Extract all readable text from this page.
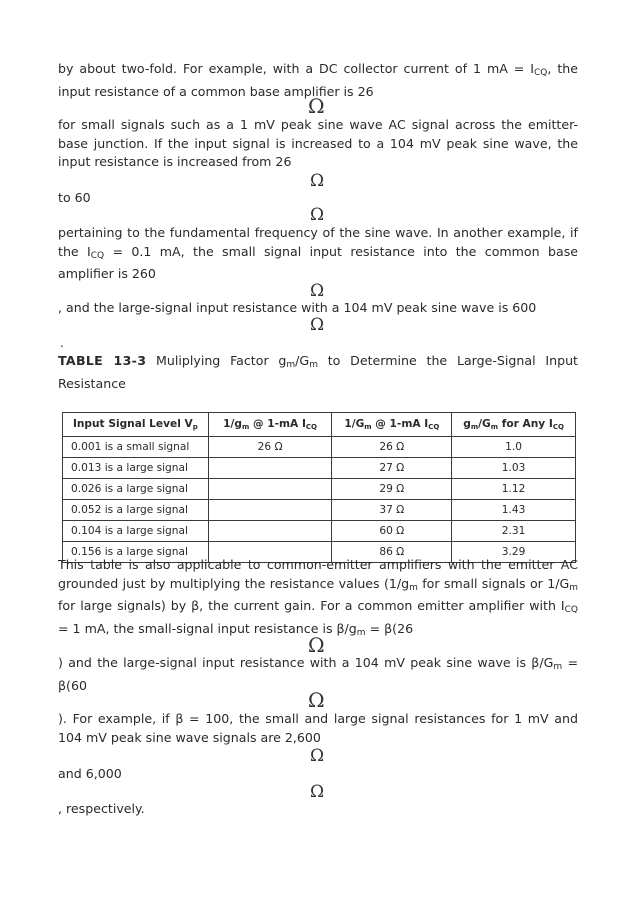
by about two-fold. For example, with a DC collector current of 1 mA = ICQ, the input resistance of a common base amplifier is 26

Ω

for small signals such as a 1 mV peak sine wave AC signal across the emitter-base junction. If the input signal is increased to a 104 mV peak sine wave, the input resistance is increased from 26

Ω

to 60

Ω

pertaining to the fundamental frequency of the sine wave. In another example, if the ICQ = 0.1 mA, the small signal input resistance into the common base amplifier is 260

Ω

, and the large-signal input resistance with a 104 mV peak sine wave is 600

Ω
.
TABLE 13-3 Muliplying Factor gm/Gm to Determine the Large-Signal Input Resistance
Input Signal Level $V_p$	$1/g_m$ @ 1-mA $I_{CQ}$	$1/G_m$ @ 1-mA $I_{CQ}$	$g_m/G_m$ for Any $I_{CQ}$
0.001 is a small signal	26 Ω	26 Ω	1.0
0.013 is a large signal		27 Ω	1.03
0.026 is a large signal		29 Ω	1.12
0.052 is a large signal		37 Ω	1.43
0.104 is a large signal		60 Ω	2.31
0.156 is a large signal		86 Ω	3.29

This table is also applicable to common-emitter amplifiers with the emitter AC grounded just by multiplying the resistance values (1/gm for small signals or 1/Gm for large signals) by β, the current gain. For a common emitter amplifier with ICQ = 1 mA, the small-signal input resistance is β/gm = β(26

Ω

) and the large-signal input resistance with a 104 mV peak sine wave is β/Gm = β(60

Ω

). For example, if β = 100, the small and large signal resistances for 1 mV and 104 mV peak sine wave signals are 2,600

Ω

and 6,000

Ω

, respectively.
